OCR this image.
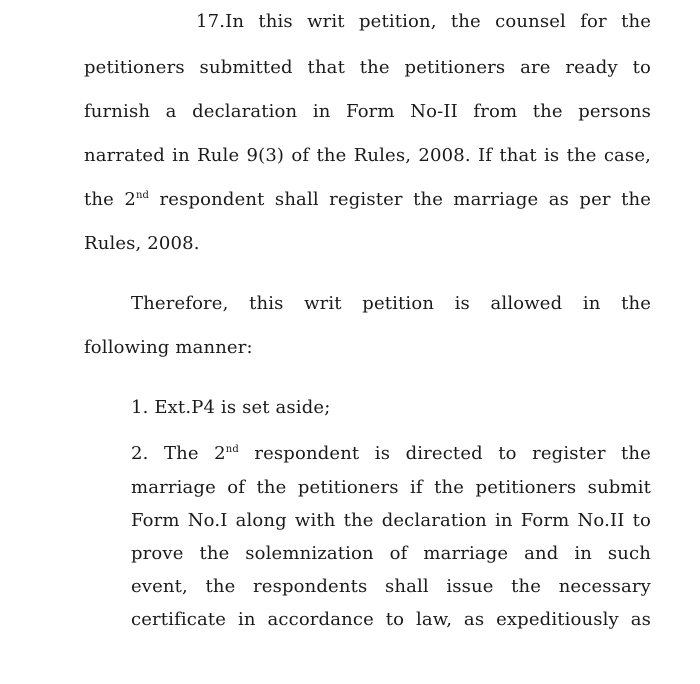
17.In this writ petition, the counsel for the
petitioners submitted that the petitioners are ready to
furnish a declaration in Form No-II from the persons
narrated in Rule 9(3) of the Rules, 2008. If that is the case,
the 2nd respondent shall register the marriage as per the
Rules, 2008.
Therefore, this writ petition is allowed in the
following manner:
1. Ext.P4 is set aside;
2. The 2nd respondent is directed to register the
marriage of the petitioners if the petitioners submit
Form No.I along with the declaration in Form No.II to
prove the solemnization of marriage and in such
event, the respondents shall issue the necessary
certificate in accordance to law, as expeditiously as
